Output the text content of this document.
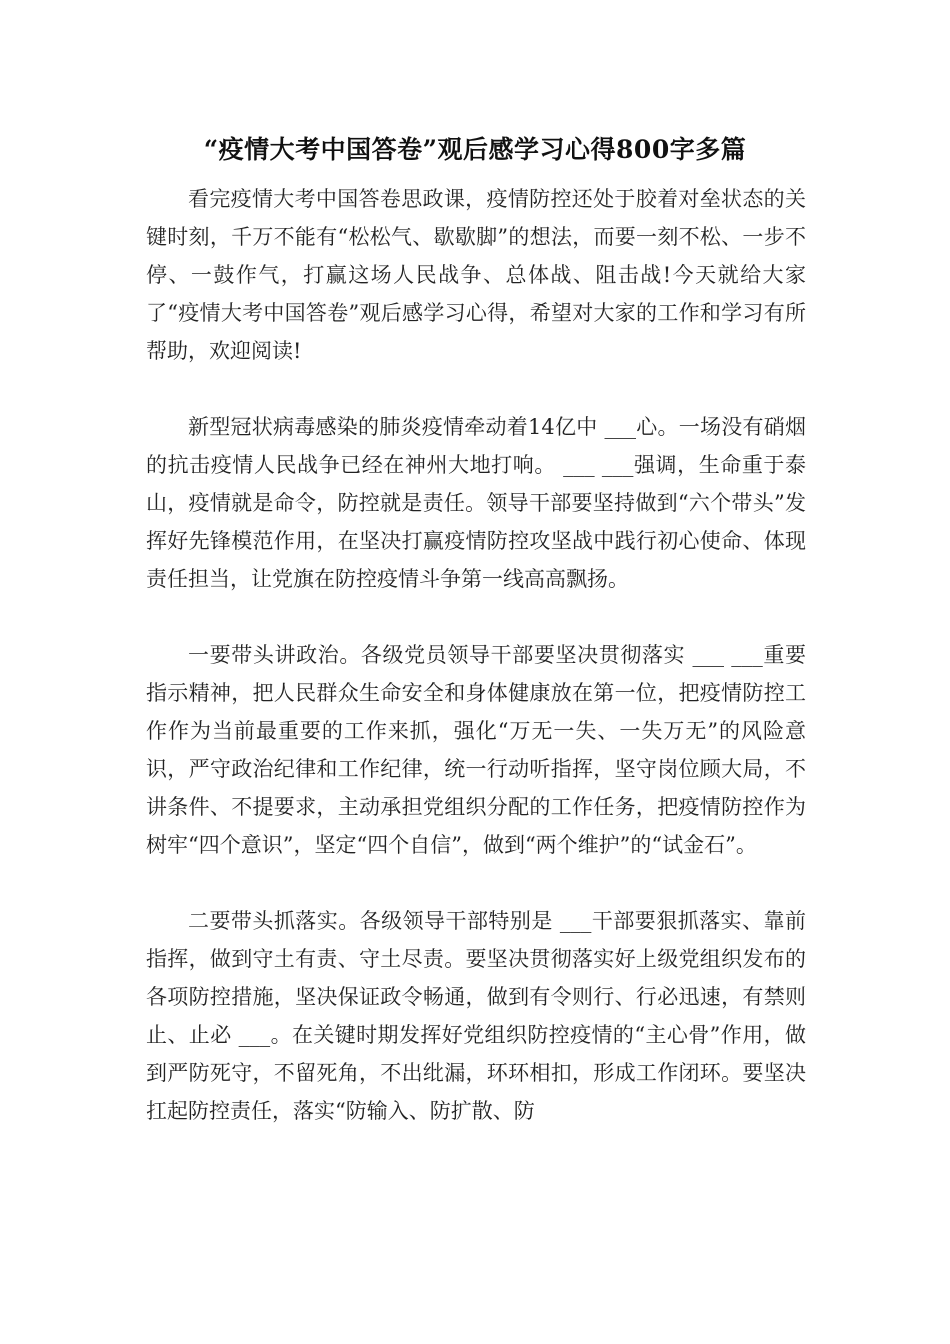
“疫情大考中国答卷”观后感学习心得800字多篇

看完疫情大考中国答卷思政课，疫情防控还处于胶着对垒状态的关键时刻，千万不能有“松松气、歇歇脚”的想法，而要一刻不松、一步不停、一鼓作气，打赢这场人民战争、总体战、阻击战!今天就给大家了“疫情大考中国答卷”观后感学习心得，希望对大家的工作和学习有所帮助，欢迎阅读!

新型冠状病毒感染的肺炎疫情牵动着14亿中 ___心。一场没有硝烟的抗击疫情人民战争已经在神州大地打响。 ___ ___强调，生命重于泰山，疫情就是命令，防控就是责任。领导干部要坚持做到“六个带头”发挥好先锋模范作用，在坚决打赢疫情防控攻坚战中践行初心使命、体现责任担当，让党旗在防控疫情斗争第一线高高飘扬。

一要带头讲政治。各级党员领导干部要坚决贯彻落实 ___ ___重要指示精神，把人民群众生命安全和身体健康放在第一位，把疫情防控工作作为当前最重要的工作来抓，强化“万无一失、一失万无”的风险意识，严守政治纪律和工作纪律，统一行动听指挥，坚守岗位顾大局，不讲条件、不提要求，主动承担党组织分配的工作任务，把疫情防控作为树牢“四个意识”，坚定“四个自信”，做到“两个维护”的“试金石”。

二要带头抓落实。各级领导干部特别是 ___干部要狠抓落实、靠前指挥，做到守土有责、守土尽责。要坚决贯彻落实好上级党组织发布的各项防控措施，坚决保证政令畅通，做到有令则行、行必迅速，有禁则止、止必 ___。在关键时期发挥好党组织防控疫情的“主心骨”作用，做到严防死守，不留死角，不出纰漏，环环相扣，形成工作闭环。要坚决扛起防控责任，落实“防输入、防扩散、防
